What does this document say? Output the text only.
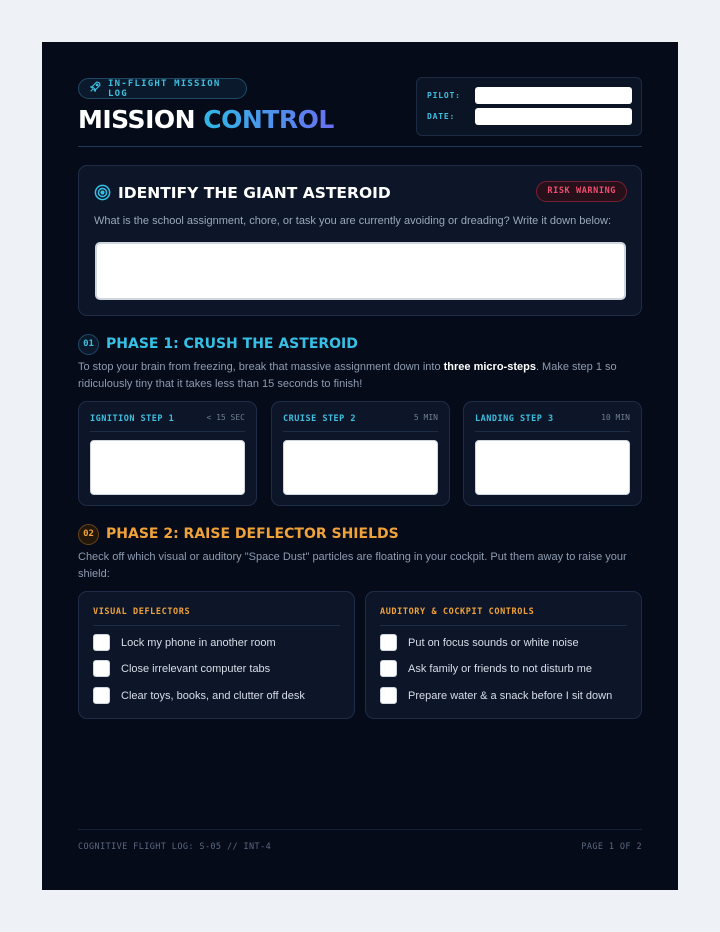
IN-FLIGHT MISSION LOG
MISSION CONTROL
PILOT:
DATE:
IDENTIFY THE GIANT ASTEROID	RISK WARNING
What is the school assignment, chore, or task you are currently avoiding or dreading? Write it down below:
01 PHASE 1: CRUSH THE ASTEROID
To stop your brain from freezing, break that massive assignment down into three micro-steps. Make step 1 so ridiculously tiny that it takes less than 15 seconds to finish!
IGNITION STEP 1	< 15 SEC	CRUISE STEP 2	5 MIN	LANDING STEP 3	10 MIN
02 PHASE 2: RAISE DEFLECTOR SHIELDS
Check off which visual or auditory "Space Dust" particles are floating in your cockpit. Put them away to raise your shield:
VISUAL DEFLECTORS
Lock my phone in another room
Close irrelevant computer tabs
Clear toys, books, and clutter off desk
AUDITORY & COCKPIT CONTROLS
Put on focus sounds or white noise
Ask family or friends to not disturb me
Prepare water & a snack before I sit down
COGNITIVE FLIGHT LOG: S-05 // INT-4	PAGE 1 OF 2
